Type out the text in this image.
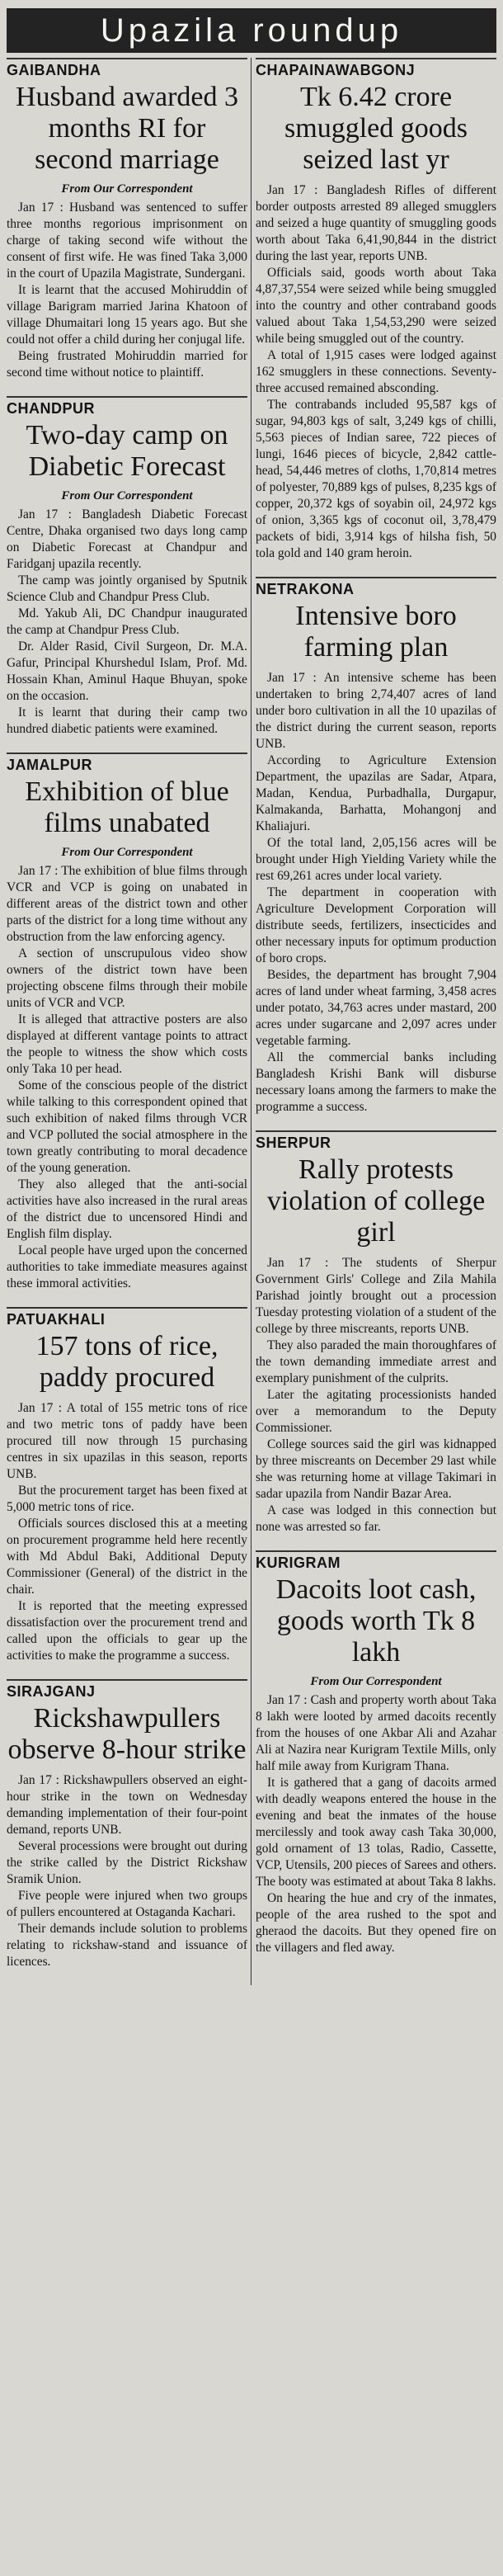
Upazila roundup
GAIBANDHA
Husband awarded 3 months RI for second marriage
From Our Correspondent

Jan 17 : Husband was sentenced to suffer three months regorious imprisonment on charge of taking second wife without the consent of first wife. He was fined Taka 3,000 in the court of Upazila Magistrate, Sundergani.

It is learnt that the accused Mohiruddin of village Barigram married Jarina Khatoon of village Dhumaitari long 15 years ago. But she could not offer a child during her conjugal life.

Being frustrated Mohiruddin married for second time without notice to plaintiff.

CHANDPUR
Two-day camp on Diabetic Forecast
From Our Correspondent

Jan 17 : Bangladesh Diabetic Forecast Centre, Dhaka organised two days long camp on Diabetic Forecast at Chandpur and Faridganj upazila recently.

The camp was jointly organised by Sputnik Science Club and Chandpur Press Club.

Md. Yakub Ali, DC Chandpur inaugurated the camp at Chandpur Press Club.

Dr. Alder Rasid, Civil Surgeon, Dr. M.A. Gafur, Principal Khurshedul Islam, Prof. Md. Hossain Khan, Aminul Haque Bhuyan, spoke on the occasion.

It is learnt that during their camp two hundred diabetic patients were examined.

JAMALPUR
Exhibition of blue films unabated
From Our Correspondent

Jan 17 : The exhibition of blue films through VCR and VCP is going on unabated in different areas of the district town and other parts of the district for a long time without any obstruction from the law enforcing agency.

A section of unscrupulous video show owners of the district town have been projecting obscene films through their mobile units of VCR and VCP.

It is alleged that attractive posters are also displayed at different vantage points to attract the people to witness the show which costs only Taka 10 per head.

Some of the conscious people of the district while talking to this correspondent opined that such exhibition of naked films through VCR and VCP polluted the social atmosphere in the town greatly contributing to moral decadence of the young generation.

They also alleged that the anti-social activities have also increased in the rural areas of the district due to uncensored Hindi and English film display.

Local people have urged upon the concerned authorities to take immediate measures against these immoral activities.

PATUAKHALI
157 tons of rice, paddy procured

Jan 17 : A total of 155 metric tons of rice and two metric tons of paddy have been procured till now through 15 purchasing centres in six upazilas in this season, reports UNB.

But the procurement target has been fixed at 5,000 metric tons of rice.

Officials sources disclosed this at a meeting on procurement programme held here recently with Md Abdul Baki, Additional Deputy Commissioner (General) of the district in the chair.

It is reported that the meeting expressed dissatisfaction over the procurement trend and called upon the officials to gear up the activities to make the programme a success.

SIRAJGANJ
Rickshawpullers observe 8-hour strike

Jan 17 : Rickshawpullers observed an eight-hour strike in the town on Wednesday demanding implementation of their four-point demand, reports UNB.

Several processions were brought out during the strike called by the District Rickshaw Sramik Union.

Five people were injured when two groups of pullers encountered at Ostaganda Kachari.

Their demands include solution to problems relating to rickshaw-stand and issuance of licences.

CHAPAINAWABGONJ
Tk 6.42 crore smuggled goods seized last yr

Jan 17 : Bangladesh Rifles of different border outposts arrested 89 alleged smugglers and seized a huge quantity of smuggling goods worth about Taka 6,41,90,844 in the district during the last year, reports UNB.

Officials said, goods worth about Taka 4,87,37,554 were seized while being smuggled into the country and other contraband goods valued about Taka 1,54,53,290 were seized while being smuggled out of the country.

A total of 1,915 cases were lodged against 162 smugglers in these connections. Seventy-three accused remained absconding.

The contrabands included 95,587 kgs of sugar, 94,803 kgs of salt, 3,249 kgs of chilli, 5,563 pieces of Indian saree, 722 pieces of lungi, 1646 pieces of bicycle, 2,842 cattle-head, 54,446 metres of cloths, 1,70,814 metres of polyester, 70,889 kgs of pulses, 8,235 kgs of copper, 20,372 kgs of soyabin oil, 24,972 kgs of onion, 3,365 kgs of coconut oil, 3,78,479 packets of bidi, 3,914 kgs of hilsha fish, 50 tola gold and 140 gram heroin.

NETRAKONA
Intensive boro farming plan

Jan 17 : An intensive scheme has been undertaken to bring 2,74,407 acres of land under boro cultivation in all the 10 upazilas of the district during the current season, reports UNB.

According to Agriculture Extension Department, the upazilas are Sadar, Atpara, Madan, Kendua, Purbadhalla, Durgapur, Kalmakanda, Barhatta, Mohangonj and Khaliajuri.

Of the total land, 2,05,156 acres will be brought under High Yielding Variety while the rest 69,261 acres under local variety.

The department in cooperation with Agriculture Development Corporation will distribute seeds, fertilizers, insecticides and other necessary inputs for optimum production of boro crops.

Besides, the department has brought 7,904 acres of land under wheat farming, 3,458 acres under potato, 34,763 acres under mastard, 200 acres under sugarcane and 2,097 acres under vegetable farming.

All the commercial banks including Bangladesh Krishi Bank will disburse necessary loans among the farmers to make the programme a success.

SHERPUR
Rally protests violation of college girl

Jan 17 : The students of Sherpur Government Girls' College and Zila Mahila Parishad jointly brought out a procession Tuesday protesting violation of a student of the college by three miscreants, reports UNB.

They also paraded the main thoroughfares of the town demanding immediate arrest and exemplary punishment of the culprits.

Later the agitating processionists handed over a memorandum to the Deputy Commissioner.

College sources said the girl was kidnapped by three miscreants on December 29 last while she was returning home at village Takimari in sadar upazila from Nandir Bazar Area.

A case was lodged in this connection but none was arrested so far.

KURIGRAM
Dacoits loot cash, goods worth Tk 8 lakh
From Our Correspondent

Jan 17 : Cash and property worth about Taka 8 lakh were looted by armed dacoits recently from the houses of one Akbar Ali and Azahar Ali at Nazira near Kurigram Textile Mills, only half mile away from Kurigram Thana.

It is gathered that a gang of dacoits armed with deadly weapons entered the house in the evening and beat the inmates of the house mercilessly and took away cash Taka 30,000, gold ornament of 13 tolas, Radio, Cassette, VCP, Utensils, 200 pieces of Sarees and others. The booty was estimated at about Taka 8 lakhs.

On hearing the hue and cry of the inmates, people of the area rushed to the spot and gheraod the dacoits. But they opened fire on the villagers and fled away.
